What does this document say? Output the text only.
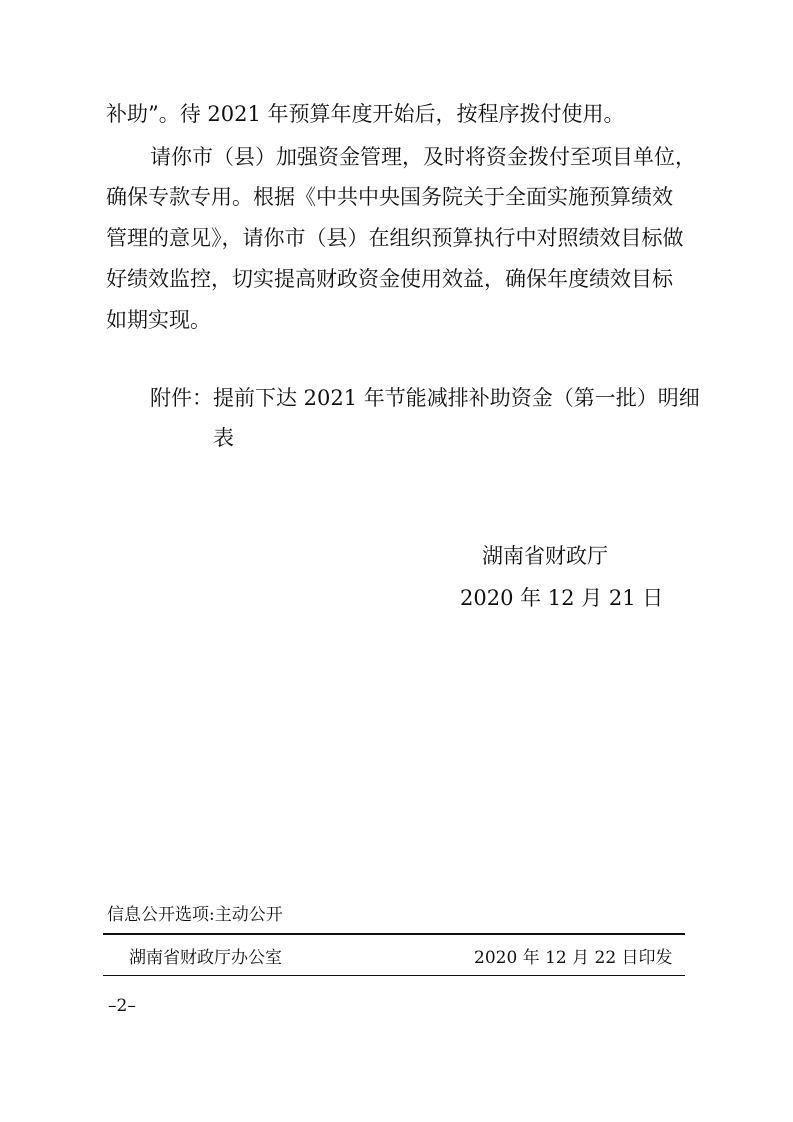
补助”。待 2021 年预算年度开始后，按程序拨付使用。
请你市（县）加强资金管理，及时将资金拨付至项目单位，
确保专款专用。根据《中共中央国务院关于全面实施预算绩效
管理的意见》，请你市（县）在组织预算执行中对照绩效目标做
好绩效监控，切实提高财政资金使用效益，确保年度绩效目标
如期实现。
附件：提前下达 2021 年节能减排补助资金（第一批）明细
表
湖南省财政厅
2020 年 12 月 21 日
信息公开选项:主动公开
湖南省财政厅办公室	2020 年 12 月 22 日印发
–2–
